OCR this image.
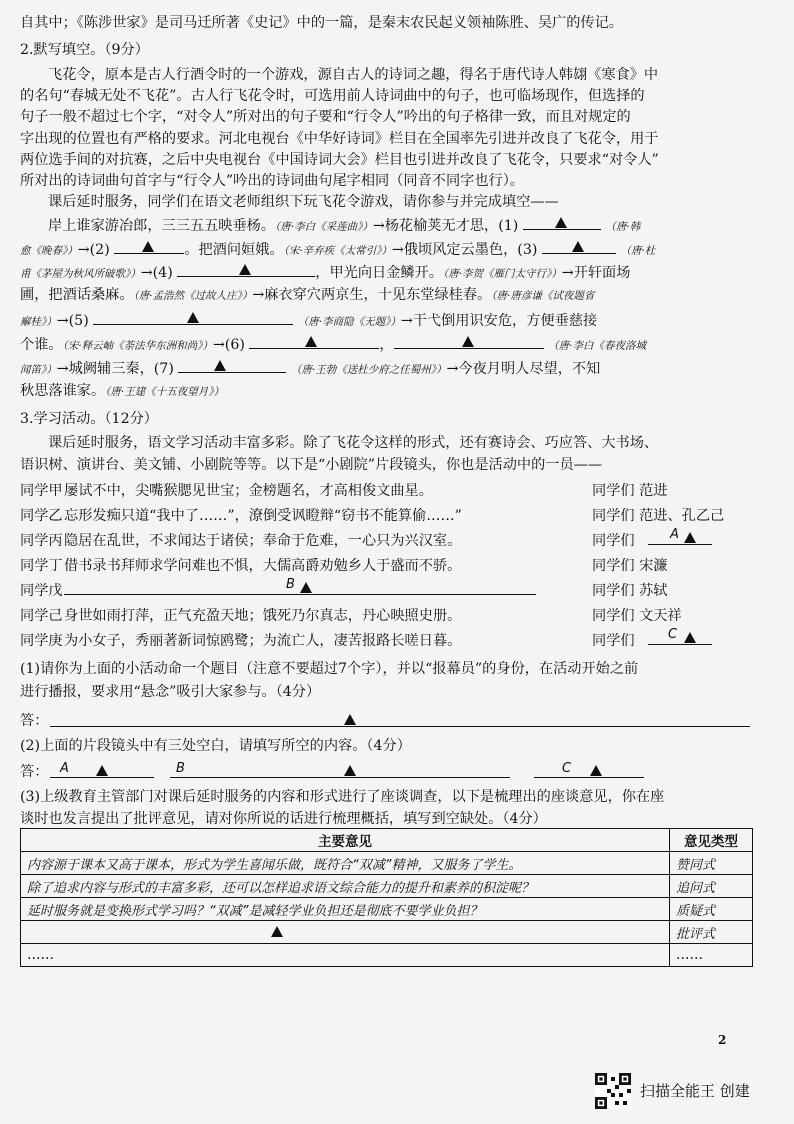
自其中；《陈涉世家》是司马迁所著《史记》中的一篇，是秦末农民起义领袖陈胜、吴广的传记。
2.默写填空。（9分）
飞花令，原本是古人行酒令时的一个游戏，源自古人的诗词之趣，得名于唐代诗人韩翃《寒食》中
的名句“春城无处不飞花”。古人行飞花令时，可选用前人诗词曲中的句子，也可临场现作，但选择的
句子一般不超过七个字，“对令人”所对出的句子要和“行令人”吟出的句子格律一致，而且对规定的
字出现的位置也有严格的要求。河北电视台《中华好诗词》栏目在全国率先引进并改良了飞花令，用于
两位选手间的对抗赛，之后中央电视台《中国诗词大会》栏目也引进并改良了飞花令，只要求“对令人”
所对出的诗词曲句首字与“行令人”吟出的诗词曲句尾字相同（同音不同字也行）。
课后延时服务，同学们在语文老师组织下玩飞花令游戏，请你参与并完成填空——
岸上谁家游冶郎，三三五五映垂杨。（唐·李白《采莲曲》）→杨花榆荚无才思，(1)	（唐·韩
愈《晚春》）→(2)	。把酒问姮娥。（宋·辛弃疾《太常引》）→俄顷风定云墨色，(3)	（唐·杜
甫《茅屋为秋风所破歌》）→(4)	，甲光向日金鳞开。（唐·李贺《雁门太守行》）→开轩面场
圃，把酒话桑麻。（唐·孟浩然《过故人庄》）→麻衣穿穴两京生，十见东堂绿桂春。（唐·唐彦谦《试夜题省
廨桂》）→(5)	（唐·李商隐《无题》）→干弋倒用识安危，方便垂慈接
个谁。（宋·释云岫《荼法华东洲和尚》）→(6)	，	（唐·李白《春夜洛城
闻笛》）→城阙辅三秦，(7)	（唐·王勃《送杜少府之任蜀州》）→今夜月明人尽望，不知
秋思落谁家。（唐·王建《十五夜望月》）
3.学习活动。（12分）
课后延时服务，语文学习活动丰富多彩。除了飞花令这样的形式，还有赛诗会、巧应答、大书场、
语识树、演讲台、美文铺、小剧院等等。以下是“小剧院”片段镜头，你也是活动中的一员——
同学甲 屡试不中，尖嘴猴腮见世宝；金榜题名，才高相俊文曲星。	同学们 范进
同学乙 忘形发痴只道“我中了……”，潦倒受讽瞪辩“窃书不能算偷……”	同学们 范进、孔乙己
同学丙 隐居在乱世，不求闻达于诸侯；奉命于危难，一心只为兴汉室。	同学们	A
同学丁 借书录书拜师求学问难也不惧，大儒高爵劝勉乡人于盛而不骄。	同学们 宋濂
同学戊	B	同学们 苏轼
同学己 身世如雨打萍，正气充盈天地；饿死乃尔真志，丹心映照史册。	同学们 文天祥
同学庚 为小女子，秀丽著新词惊鸥鹭；为流亡人，凄苦报路长嗟日暮。	同学们	C
(1)请你为上面的小活动命一个题目（注意不要超过7个字），并以“报幕员”的身份，在活动开始之前
进行播报，要求用“悬念”吸引大家参与。（4分）
答：
(2)上面的片段镜头中有三处空白，请填写所空的内容。（4分）
答： A	B	C
(3)上级教育主管部门对课后延时服务的内容和形式进行了座谈调查，以下是梳理出的座谈意见，你在座
谈时也发言提出了批评意见，请对你所说的话进行梳理概括，填写到空缺处。（4分）
主要意见	意见类型
内容源于课本又高于课本，形式为学生喜闻乐做，既符合“双减”精神，又服务了学生。	赞同式
除了追求内容与形式的丰富多彩，还可以怎样追求语文综合能力的提升和素养的积淀呢？	追问式
延时服务就是变换形式学习吗？“双减”是减轻学业负担还是彻底不要学业负担？	质疑式

	批评式
……	……
2
扫描全能王 创建
